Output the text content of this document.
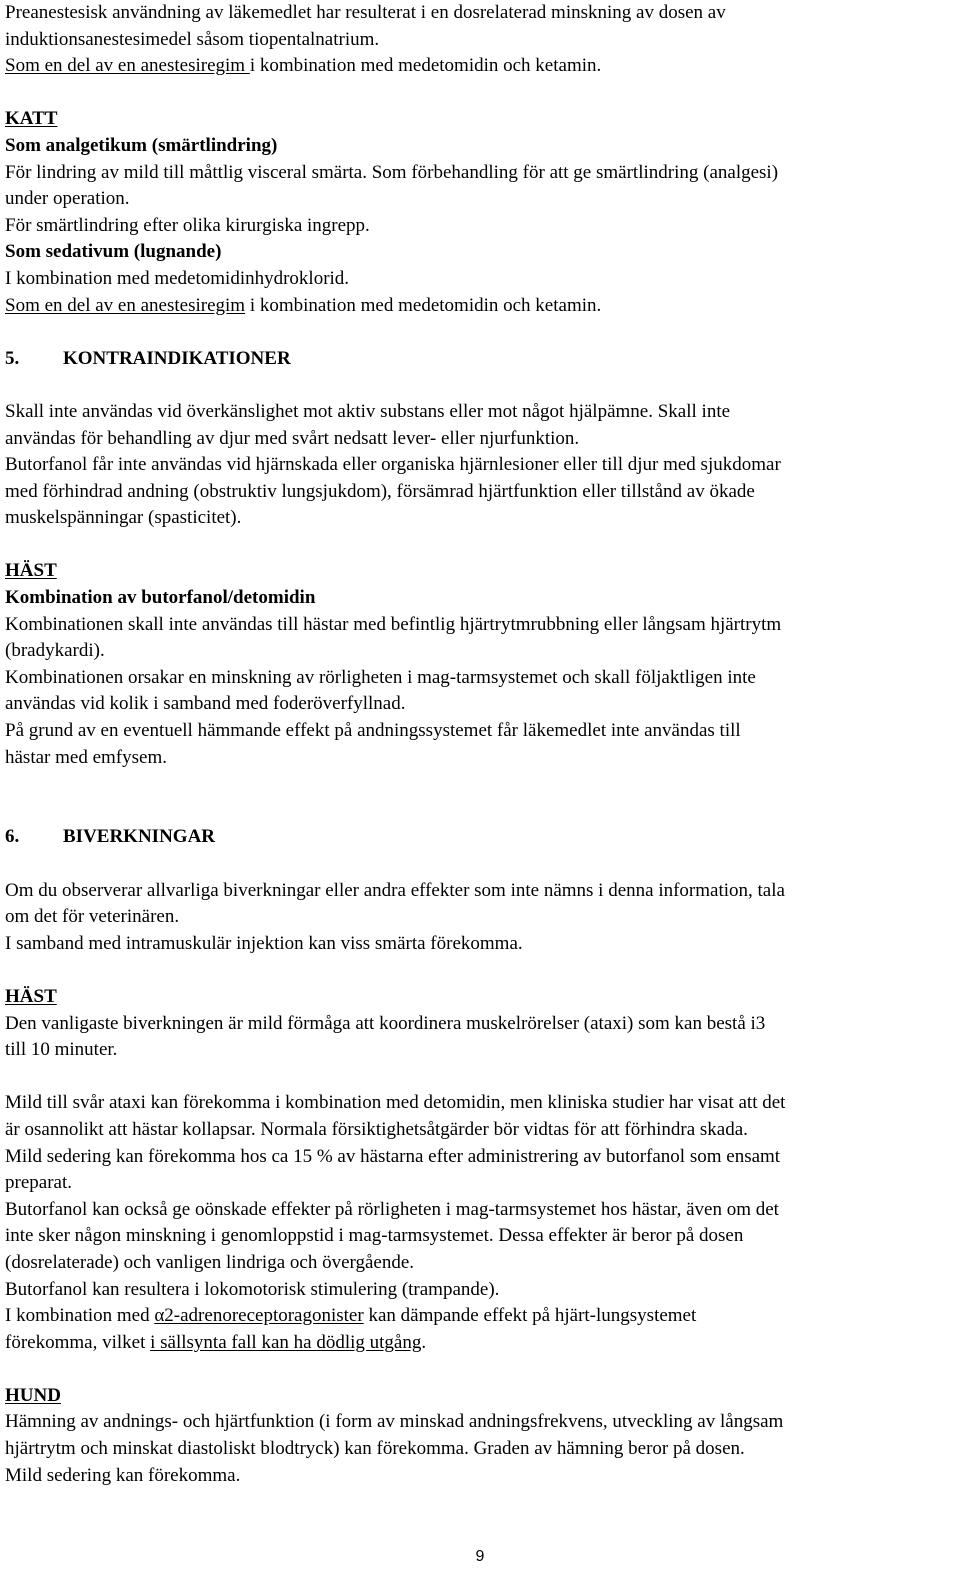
Preanestesisk användning av läkemedlet har resulterat i en dosrelaterad minskning av dosen av
induktionsanestesimedel såsom tiopentalnatrium.
Som en del av en anestesiregim i kombination med medetomidin och ketamin.
KATT
Som analgetikum (smärtlindring)
För lindring av mild till måttlig visceral smärta. Som förbehandling för att ge smärtlindring (analgesi)
under operation.
För smärtlindring efter olika kirurgiska ingrepp.
Som sedativum (lugnande)
I kombination med medetomidinhydroklorid.
Som en del av en anestesiregim i kombination med medetomidin och ketamin.
5. KONTRAINDIKATIONER
Skall inte användas vid överkänslighet mot aktiv substans eller mot något hjälpämne. Skall inte
användas för behandling av djur med svårt nedsatt lever- eller njurfunktion.
Butorfanol får inte användas vid hjärnskada eller organiska hjärnlesioner eller till djur med sjukdomar
med förhindrad andning (obstruktiv lungsjukdom), försämrad hjärtfunktion eller tillstånd av ökade
muskelspänningar (spasticitet).
HÄST
Kombination av butorfanol/detomidin
Kombinationen skall inte användas till hästar med befintlig hjärtrytmrubbning eller långsam hjärtrytm
(bradykardi).
Kombinationen orsakar en minskning av rörligheten i mag-tarmsystemet och skall följaktligen inte
användas vid kolik i samband med foderöverfyllnad.
På grund av en eventuell hämmande effekt på andningssystemet får läkemedlet inte användas till
hästar med emfysem.
6. BIVERKNINGAR
Om du observerar allvarliga biverkningar eller andra effekter som inte nämns i denna information, tala
om det för veterinären.
I samband med intramuskulär injektion kan viss smärta förekomma.
HÄST
Den vanligaste biverkningen är mild förmåga att koordinera muskelrörelser (ataxi) som kan bestå i3
till 10 minuter.
Mild till svår ataxi kan förekomma i kombination med detomidin, men kliniska studier har visat att det
är osannolikt att hästar kollapsar. Normala försiktighetsåtgärder bör vidtas för att förhindra skada.
Mild sedering kan förekomma hos ca 15 % av hästarna efter administrering av butorfanol som ensamt
preparat.
Butorfanol kan också ge oönskade effekter på rörligheten i mag-tarmsystemet hos hästar, även om det
inte sker någon minskning i genomloppstid i mag-tarmsystemet. Dessa effekter är beror på dosen
(dosrelaterade) och vanligen lindriga och övergående.
Butorfanol kan resultera i lokomotorisk stimulering (trampande).
I kombination med α2-adrenoreceptoragonister kan dämpande effekt på hjärt-lungsystemet
förekomma, vilket i sällsynta fall kan ha dödlig utgång.
HUND
Hämning av andnings- och hjärtfunktion (i form av minskad andningsfrekvens, utveckling av långsam
hjärtrytm och minskat diastoliskt blodtryck) kan förekomma. Graden av hämning beror på dosen.
Mild sedering kan förekomma.
9
